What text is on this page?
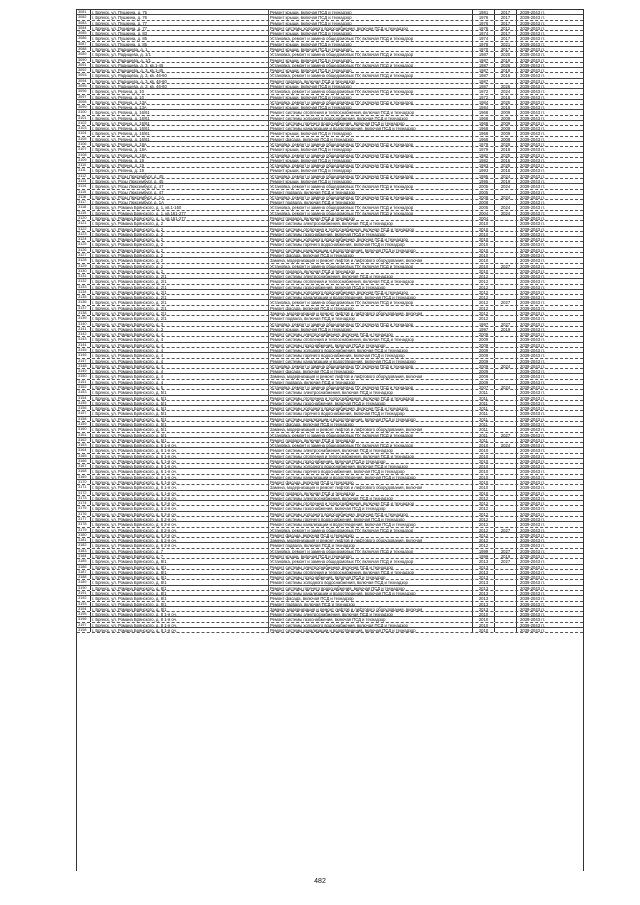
3081	г. Брянск, ул. Пушкина, д. 75	Ремонт крыши, включая ПСД и технадзор	1981	2017	2039-2043 гг.
3082	г. Брянск, ул. Пушкина, д. 76	Ремонт крыши, включая ПСД и технадзор	1976	2017	2039-2043 гг.
3083	г. Брянск, ул. Пушкина, д. 77	Ремонт крыши, включая ПСД и технадзор	1976	2017	2039-2043 гг.
3084	г. Брянск, ул. Пушкина, д. 77	Ремонт системы холодного водоснабжения, включая ПСД и технадзор	1976	2012	2039-2043 гг.
3085	г. Брянск, ул. Пушкина, д. 83	Ремонт крыши, включая ПСД и технадзор	1974	2017	2039-2043 гг.
3086	г. Брянск, ул. Пушкина, д. 85	Установка, ремонт и замена общедомовых ПУ, включая ПСД и технадзор	1974	2017	2039-2043 гг.
3087	г. Брянск, ул. Пушкина, д. 85	Ремонт крыши, включая ПСД и технадзор	1978	2021	2039-2043 гг.
3088	г. Брянск, ул. Радищева, д. 1	Ремонт крыши, включая ПСД и технадзор	1970	2017	2039-2043 гг.
3089	г. Брянск, ул. Радищева, д. 1/1	Установка, ремонт и замена общедомовых ПУ, включая ПСД и технадзор	1987	2020	2039-2043 гг.
3090	г. Брянск, ул. Радищева, д. 1/1	Ремонт крыши, включая ПСД и технадзор	1987	2019	2039-2043 гг.
3091	г. Брянск, ул. Радищева, д. 3, кв.1-45	Установка, ремонт и замена общедомовых ПУ, включая ПСД и технадзор	1987	2026	2039-2043 гг.
3092	г. Брянск, ул. Радищева, д. 3, кв.1-45	Ремонт крыши, включая ПСД и технадзор	1987	2019	2039-2043 гг.
3093	г. Брянск, ул. Радищева, д. 3, кв. 46-60	Установка, ремонт и замена общедомовых ПУ, включая ПСД и технадзор	1987	2016	2039-2043 гг.
3094	г. Брянск, ул. Радищева, д. 3, кв. 46-60	Ремонт подвала, включая ПСД и технадзор	1987	2039-2043 гг.
3095	г. Брянск, ул. Радищева, д. 3, кв. 46-60	Ремонт крыши, включая ПСД и технадзор	1987	2026	2039-2043 гг.
3096	г. Брянск, ул. Репина, д. 10	Установка, ремонт и замена общедомовых ПУ, включая ПСД и технадзор	1972	2024	2039-2043 гг.
3097	г. Брянск, ул. Репина, д. 10	Ремонт крыши, включая ПСД и технадзор	1972	2018	2039-2043 гг.
3098	г. Брянск, ул. Репина, д. 13А	Установка, ремонт и замена общедомовых ПУ, включая ПСД и технадзор	1984	2025	2039-2043 гг.
3099	г. Брянск, ул. Репина, д. 13А	Ремонт крыши, включая ПСД и технадзор	1984	2018	2039-2043 гг.
3100	г. Брянск, ул. Репина, д. 16/61	Ремонт системы отопления и теплоснабжения, включая ПСД и технадзор	1968	2009	2039-2043 гг.
3101	г. Брянск, ул. Репина, д. 16/61	Ремонт системы холодного водоснабжения, включая ПСД и технадзор	1968	2009	2039-2043 гг.
3102	г. Брянск, ул. Репина, д. 16/61	Ремонт системы горячего водоснабжения, включая ПСД и технадзор	1968	2009	2039-2043 гг.
3103	г. Брянск, ул. Репина, д. 16/61	Ремонт системы канализации и водоотведения, включая ПСД и технадзор	1968	2009	2039-2043 гг.
3104	г. Брянск, ул. Репина, д. 16/61	Ремонт крыши, включая ПСД и технадзор	1968	2009	2039-2043 гг.
3105	г. Брянск, ул. Репина, д. 16/61	Ремонт фасада, включая ПСД и технадзор	1968	2009	2039-2043 гг.
3106	г. Брянск, ул. Репина, д. 18А	Установка, ремонт и замена общедомовых ПУ, включая ПСД и технадзор	1979	2025	2039-2043 гг.
3107	г. Брянск, ул. Репина, д. 18А	Ремонт крыши, включая ПСД и технадзор	1979	2018	2039-2043 гг.
3108	г. Брянск, ул. Репина, д. 18А	Установка, ремонт и замена общедомовых ПУ, включая ПСД и технадзор	1982	2025	2039-2043 гг.
3109	г. Брянск, ул. Репина, д. 19	Ремонт крыши, включая ПСД и технадзор	1982	2016	2039-2043 гг.
3110	г. Брянск, ул. Репина, д. 19	Установка, ремонт и замена общедомовых ПУ, включая ПСД и технадзор	1993	2025	2039-2043 гг.
3111	г. Брянск, ул. Репина, д. 19	Ремонт крыши, включая ПСД и технадзор	1993	2018	2039-2043 гг.
3112	г. Брянск, ул. Розы Люксембург, д. 45	Установка, ремонт и замена общедомовых ПУ, включая ПСД и технадзор	1995	2024	2039-2043 гг.
3113	г. Брянск, ул. Розы Люксембург, д. 45	Ремонт крыши, включая ПСД и технадзор	1995	2019	2039-2043 гг.
3114	г. Брянск, ул. Розы Люксембург, д. 47	Установка, ремонт и замена общедомовых ПУ, включая ПСД и технадзор	2005	2024	2039-2043 гг.
3115	г. Брянск, ул. Розы Люксембург, д. 47	Ремонт подвала, включая ПСД и технадзор	2005	2039-2043 гг.
3116	г. Брянск, ул. Розы Люксембург, д. 1А	Установка, ремонт и замена общедомовых ПУ, включая ПСД и технадзор	2008	2024	2039-2043 гг.
3117	г. Брянск, ул. Розы Люксембург, д. 1А	Ремонт подвала, включая ПСД и технадзор	2008	2039-2043 гг.
3118	г. Брянск, ул. Романа Брянского, д. 1, кв.1-160	Установка, ремонт и замена общедомовых ПУ, включая ПСД и технадзор	2005	2024	2039-2043 гг.
3119	г. Брянск, ул. Романа Брянского, д. 1, кв.161-277	Установка, ремонт и замена общедомовых ПУ, включая ПСД и технадзор	2004	2024	2039-2043 гг.
3120	г. Брянск, ул. Романа Брянского, д. 1, кв.161-277	Ремонт подвала, включая ПСД и технадзор	2004	2039-2043 гг.
3121	г. Брянск, ул. Романа Брянского, д. 2	Ремонт системы электроснабжения, включая ПСД и технадзор	2010	2039-2043 гг.
3122	г. Брянск, ул. Романа Брянского, д. 2	Ремонт системы отопления и теплоснабжения, включая ПСД и технадзор	2010	2039-2043 гг.
3123	г. Брянск, ул. Романа Брянского, д. 2	Ремонт системы газоснабжения, включая ПСД и технадзор	2010	2039-2043 гг.
3124	г. Брянск, ул. Романа Брянского, д. 2	Ремонт системы холодного водоснабжения, включая ПСД и технадзор	2010	2039-2043 гг.
3125	г. Брянск, ул. Романа Брянского, д. 2	Ремонт системы горячего водоснабжения, включая ПСД и технадзор	2010	2039-2043 гг.
3126	г. Брянск, ул. Романа Брянского, д. 2	Ремонт системы канализации и водоотведения, включая ПСД и технадзор	2010	2039-2043 гг.
3127	г. Брянск, ул. Романа Брянского, д. 2	Ремонт фасада, включая ПСД и технадзор	2010	2039-2043 гг.
3128	г. Брянск, ул. Романа Брянского, д. 2	Замена, модернизация и ремонт лифтов и лифтового оборудования, включая	2010	2039-2043 гг.
3129	г. Брянск, ул. Романа Брянского, д. 2	Установка, ремонт и замена общедомовых ПУ, включая ПСД и технадзор	2010	2027	2039-2043 гг.
3130	г. Брянск, ул. Романа Брянского, д. 2	Ремонт подвала, включая ПСД и технадзор	2010	2039-2043 гг.
3131	г. Брянск, ул. Романа Брянского, д. 2/1	Ремонт системы электроснабжения, включая ПСД и технадзор	2012	2039-2043 гг.
3132	г. Брянск, ул. Романа Брянского, д. 2/1	Ремонт системы отопления и теплоснабжения, включая ПСД и технадзор	2012	2039-2043 гг.
3133	г. Брянск, ул. Романа Брянского, д. 2/1	Ремонт системы газоснабжения, включая ПСД и технадзор	2012	2039-2043 гг.
3134	г. Брянск, ул. Романа Брянского, д. 2/1	Ремонт системы холодного водоснабжения, включая ПСД и технадзор	2012	2039-2043 гг.
3135	г. Брянск, ул. Романа Брянского, д. 2/1	Ремонт системы канализации и водоотведения, включая ПСД и технадзор	2012	2039-2043 гг.
3136	г. Брянск, ул. Романа Брянского, д. 2/1	Установка, ремонт и замена общедомовых ПУ, включая ПСД и технадзор	2012	2027	2039-2043 гг.
3137	г. Брянск, ул. Романа Брянского, д. 2/1	Ремонт фасада, включая ПСД и технадзор	2012	2039-2043 гг.
3138	г. Брянск, ул. Романа Брянского, д. 2/1	Замена, модернизация и ремонт лифтов и лифтового оборудования, включая	2012	2039-2043 гг.
3139	г. Брянск, ул. Романа Брянского, д. 2/1	Ремонт подвала, включая ПСД и технадзор	2012	2039-2043 гг.
3140	г. Брянск, ул. Романа Брянского, д. 3	Установка, ремонт и замена общедомовых ПУ, включая ПСД и технадзор	1997	2027	2039-2043 гг.
3141	г. Брянск, ул. Романа Брянского, д. 3	Ремонт крыши, включая ПСД и технадзор	1997	2019	2039-2043 гг.
3142	г. Брянск, ул. Романа Брянского, д. 4	Ремонт системы электроснабжения, включая ПСД и технадзор	2009	2039-2043 гг.
3143	г. Брянск, ул. Романа Брянского, д. 4	Ремонт системы отопления и теплоснабжения, включая ПСД и технадзор	2009	2039-2043 гг.
3144	г. Брянск, ул. Романа Брянского, д. 4	Ремонт системы газоснабжения, включая ПСД и технадзор	2009	2039-2043 гг.
3145	г. Брянск, ул. Романа Брянского, д. 4	Ремонт системы холодного водоснабжения, включая ПСД и технадзор	2009	2039-2043 гг.
3146	г. Брянск, ул. Романа Брянского, д. 4	Ремонт системы горячего водоснабжения, включая ПСД и технадзор	2009	2039-2043 гг.
3147	г. Брянск, ул. Романа Брянского, д. 4	Ремонт системы канализации и водоотведения, включая ПСД и технадзор	2009	2039-2043 гг.
3148	г. Брянск, ул. Романа Брянского, д. 4	Установка, ремонт и замена общедомовых ПУ, включая ПСД и технадзор	2009	2024	2039-2043 гг.
3149	г. Брянск, ул. Романа Брянского, д. 4	Ремонт фасада, включая ПСД и технадзор	2009	2039-2043 гг.
3150	г. Брянск, ул. Романа Брянского, д. 4	Замена, модернизация и ремонт лифтов и лифтового оборудования, включая	2009	2039-2043 гг.
3151	г. Брянск, ул. Романа Брянского, д. 4	Ремонт подвала, включая ПСД и технадзор	2009	2039-2043 гг.
3152	г. Брянск, ул. Романа Брянского, д. 5	Установка, ремонт и замена общедомовых ПУ, включая ПСД и технадзор	2007	2024	2039-2043 гг.
3153	г. Брянск, ул. Романа Брянского, д. 5/1	Ремонт системы электроснабжения, включая ПСД и технадзор	2011	2039-2043 гг.
3154	г. Брянск, ул. Романа Брянского, д. 5/1	Ремонт системы отопления и теплоснабжения, включая ПСД и технадзор	2011	2039-2043 гг.
3155	г. Брянск, ул. Романа Брянского, д. 5/1	Ремонт системы газоснабжения, включая ПСД и технадзор	2011	2039-2043 гг.
3156	г. Брянск, ул. Романа Брянского, д. 5/1	Ремонт системы холодного водоснабжения, включая ПСД и технадзор	2011	2039-2043 гг.
3157	г. Брянск, ул. Романа Брянского, д. 5/1	Ремонт системы горячего водоснабжения, включая ПСД и технадзор	2011	2039-2043 гг.
3158	г. Брянск, ул. Романа Брянского, д. 5/1	Ремонт системы канализации и водоотведения, включая ПСД и технадзор	2011	2039-2043 гг.
3159	г. Брянск, ул. Романа Брянского, д. 5/1	Ремонт фасада, включая ПСД и технадзор	2011	2039-2043 гг.
3160	г. Брянск, ул. Романа Брянского, д. 5/1	Замена, модернизация и ремонт лифтов и лифтового оборудования, включая	2011	2039-2043 гг.
3161	г. Брянск, ул. Романа Брянского, д. 5/1	Установка, ремонт и замена общедомовых ПУ, включая ПСД и технадзор	2011	2027	2039-2043 гг.
3162	г. Брянск, ул. Романа Брянского, д. 5/1	Ремонт подвала, включая ПСД и технадзор	2011	2039-2043 гг.
3163	г. Брянск, ул. Романа Брянского, д. 6 1-я оч.	Установка, ремонт и замена общедомовых ПУ, включая ПСД и технадзор	2010	2024	2039-2043 гг.
3164	г. Брянск, ул. Романа Брянского, д. 6 1-я оч.	Ремонт системы электроснабжения, включая ПСД и технадзор	2010	2039-2043 гг.
3165	г. Брянск, ул. Романа Брянского, д. 6 1-я оч.	Ремонт системы отопления и теплоснабжения, включая ПСД и технадзор	2010	2039-2043 гг.
3166	г. Брянск, ул. Романа Брянского, д. 6 1-я оч.	Ремонт системы газоснабжения, включая ПСД и технадзор	2010	2039-2043 гг.
3167	г. Брянск, ул. Романа Брянского, д. 6 1-я оч.	Ремонт системы холодного водоснабжения, включая ПСД и технадзор	2010	2039-2043 гг.
3168	г. Брянск, ул. Романа Брянского, д. 6 1-я оч.	Ремонт системы горячего водоснабжения, включая ПСД и технадзор	2010	2039-2043 гг.
3169	г. Брянск, ул. Романа Брянского, д. 6 1-я оч.	Ремонт системы канализации и водоотведения, включая ПСД и технадзор	2010	2039-2043 гг.
3170	г. Брянск, ул. Романа Брянского, д. 6 1-я оч.	Ремонт фасада, включая ПСД и технадзор	2010	2039-2043 гг.
3171	г. Брянск, ул. Романа Брянского, д. 6 1-я оч.	Замена, модернизация и ремонт лифтов и лифтового оборудования, включая	2010	2039-2043 гг.
3172	г. Брянск, ул. Романа Брянского, д. 6 1-я оч.	Ремонт подвала, включая ПСД и технадзор	2010	2039-2043 гг.
3173	г. Брянск, ул. Романа Брянского, д. 6 2-я оч.	Ремонт системы электроснабжения, включая ПСД и технадзор	2012	2039-2043 гг.
3174	г. Брянск, ул. Романа Брянского, д. 6 2-я оч.	Ремонт системы отопления и теплоснабжения, включая ПСД и технадзор	2012	2039-2043 гг.
3175	г. Брянск, ул. Романа Брянского, д. 6 2-я оч.	Ремонт системы газоснабжения, включая ПСД и технадзор	2012	2039-2043 гг.
3176	г. Брянск, ул. Романа Брянского, д. 6 2-я оч.	Ремонт системы холодного водоснабжения, включая ПСД и технадзор	2012	2039-2043 гг.
3177	г. Брянск, ул. Романа Брянского, д. 6 2-я оч.	Ремонт системы горячего водоснабжения, включая ПСД и технадзор	2012	2039-2043 гг.
3178	г. Брянск, ул. Романа Брянского, д. 6 2-я оч.	Ремонт системы канализации и водоотведения, включая ПСД и технадзор	2012	2039-2043 гг.
3179	г. Брянск, ул. Романа Брянского, д. 6 2-я оч.	Установка, ремонт и замена общедомовых ПУ, включая ПСД и технадзор	2012	2027	2039-2043 гг.
3180	г. Брянск, ул. Романа Брянского, д. 6 2-я оч.	Ремонт фасада, включая ПСД и технадзор	2012	2039-2043 гг.
3181	г. Брянск, ул. Романа Брянского, д. 6 2-я оч.	Замена, модернизация и ремонт лифтов и лифтового оборудования, включая	2012	2039-2043 гг.
3182	г. Брянск, ул. Романа Брянского, д. 6 2-я оч.	Ремонт подвала, включая ПСД и технадзор	2012	2039-2043 гг.
3183	г. Брянск, ул. Романа Брянского, д. 7	Установка, ремонт и замена общедомовых ПУ, включая ПСД и технадзор	1999	2027	2039-2043 гг.
3184	г. Брянск, ул. Романа Брянского, д. 7	Ремонт крыши, включая ПСД и технадзор	1999	2019	2039-2043 гг.
3185	г. Брянск, ул. Романа Брянского, д. 8/1	Установка, ремонт и замена общедомовых ПУ, включая ПСД и технадзор	2013	2027	2039-2043 гг.
3186	г. Брянск, ул. Романа Брянского, д. 8/1	Ремонт системы электроснабжения, включая ПСД и технадзор	2013	2039-2043 гг.
3187	г. Брянск, ул. Романа Брянского, д. 8/1	Ремонт системы отопления и теплоснабжения, включая ПСД и технадзор	2013	2039-2043 гг.
3188	г. Брянск, ул. Романа Брянского, д. 8/1	Ремонт системы газоснабжения, включая ПСД и технадзор	2013	2039-2043 гг.
3189	г. Брянск, ул. Романа Брянского, д. 8/1	Ремонт системы холодного водоснабжения, включая ПСД и технадзор	2013	2039-2043 гг.
3190	г. Брянск, ул. Романа Брянского, д. 8/1	Ремонт системы горячего водоснабжения, включая ПСД и технадзор	2013	2039-2043 гг.
3191	г. Брянск, ул. Романа Брянского, д. 8/1	Ремонт системы канализации и водоотведения, включая ПСД и технадзор	2013	2039-2043 гг.
3192	г. Брянск, ул. Романа Брянского, д. 8/1	Ремонт фасада, включая ПСД и технадзор	2013	2039-2043 гг.
3193	г. Брянск, ул. Романа Брянского, д. 8/1	Ремонт подвала, включая ПСД и технадзор	2013	2039-2043 гг.
3194	г. Брянск, ул. Романа Брянского, д. 8/1	Замена, модернизация и ремонт лифтов и лифтового оборудования, включая	2013	2039-2043 гг.
3195	г. Брянск, ул. Романа Брянского, д. 8 1-я оч.	Ремонт системы электроснабжения, включая ПСД и технадзор	2010	2039-2043 гг.
3196	г. Брянск, ул. Романа Брянского, д. 8 1-я оч.	Ремонт системы газоснабжения, включая ПСД и технадзор	2010	2039-2043 гг.
3197	г. Брянск, ул. Романа Брянского, д. 8 1-я оч.	Ремонт системы холодного водоснабжения, включая ПСД и технадзор	2010	2039-2043 гг.
3198	г. Брянск, ул. Романа Брянского, д. 8 1-я оч.	Ремонт системы канализации и водоотведения, включая ПСД и технадзор	2010	2039-2043 гг.
482
